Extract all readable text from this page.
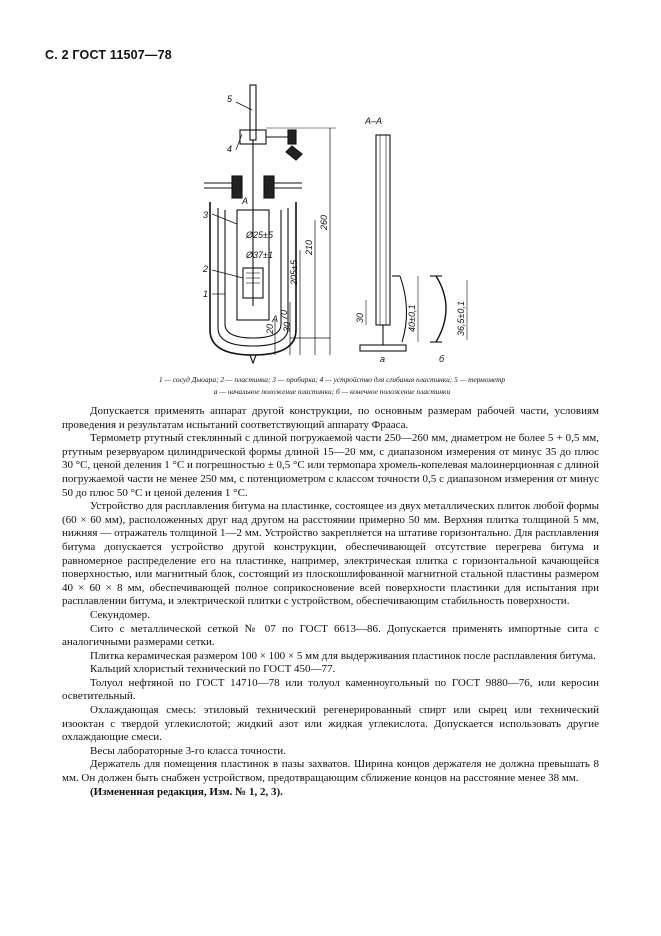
С. 2 ГОСТ 11507—78
5
4
3
2
1
А
А
Ø25±5
Ø37±1
260
210
205±5
70
20 30
А–А
30	40±0,1	36,5±0,1
а	б
1 — сосуд Дьюара; 2 — пластинка; 3 — пробирка; 4 — устройство для сгибания пластинки; 5 — термометр
а — начальное положение пластинки; б — конечное положение пластинки

Допускается применять аппарат другой конструкции, по основным размерам рабочей части, условиям проведения и результатам испытаний соответствующий аппарату Фрааса.

Термометр ртутный стеклянный с длиной погружаемой части 250—260 мм, диаметром не более 5 + 0,5 мм, ртутным резервуаром цилиндрической формы длиной 15—20 мм, с диапазоном измерения от минус 35 до плюс 30 °С, ценой деления 1 °С и погрешностью ± 0,5 °С или термопара хромель-копелевая малоинерционная с длиной погружаемой части не менее 250 мм, с потенциометром с классом точности 0,5 с диапазоном измерения от минус 50 до плюс 50 °С и ценой деления 1 °С.

Устройство для расплавления битума на пластинке, состоящее из двух металлических плиток любой формы (60 × 60 мм), расположенных друг над другом на расстоянии примерно 50 мм. Верхняя плитка толщиной 5 мм, нижняя — отражатель толщиной 1—2 мм. Устройство закрепляется на штативе горизонтально. Для расплавления битума допускается устройство другой конструкции, обеспечивающей отсутствие перегрева битума и равномерное распределение его на пластинке, например, электрическая плитка с горизонтальной качающейся поверхностью, или магнитный блок, состоящий из плоскошлифованной магнитной стальной пластины размером 40 × 60 × 8 мм, обеспечивающей полное соприкосновение всей поверхности пластинки для испытания при расплавлении битума, и электрической плитки с устройством, обеспечивающим стабильность поверхности.

Секундомер.

Сито с металлической сеткой № 07 по ГОСТ 6613—86. Допускается применять импортные сита с аналогичными размерами сетки.

Плитка керамическая размером 100 × 100 × 5 мм для выдерживания пластинок после расплавления битума.

Кальций хлористый технический по ГОСТ 450—77.

Толуол нефтяной по ГОСТ 14710—78 или толуол каменноугольный по ГОСТ 9880—76, или керосин осветительный.

Охлаждающая смесь: этиловый технический регенерированный спирт или сырец или технический изооктан с твердой углекислотой; жидкий азот или жидкая углекислота. Допускается использовать другие охлаждающие смеси.

Весы лабораторные 3-го класса точности.

Держатель для помещения пластинок в пазы захватов. Ширина концов держателя не должна превышать 8 мм. Он должен быть снабжен устройством, предотвращающим сближение концов на расстояние менее 38 мм.

(Измененная редакция, Изм. № 1, 2, 3).
